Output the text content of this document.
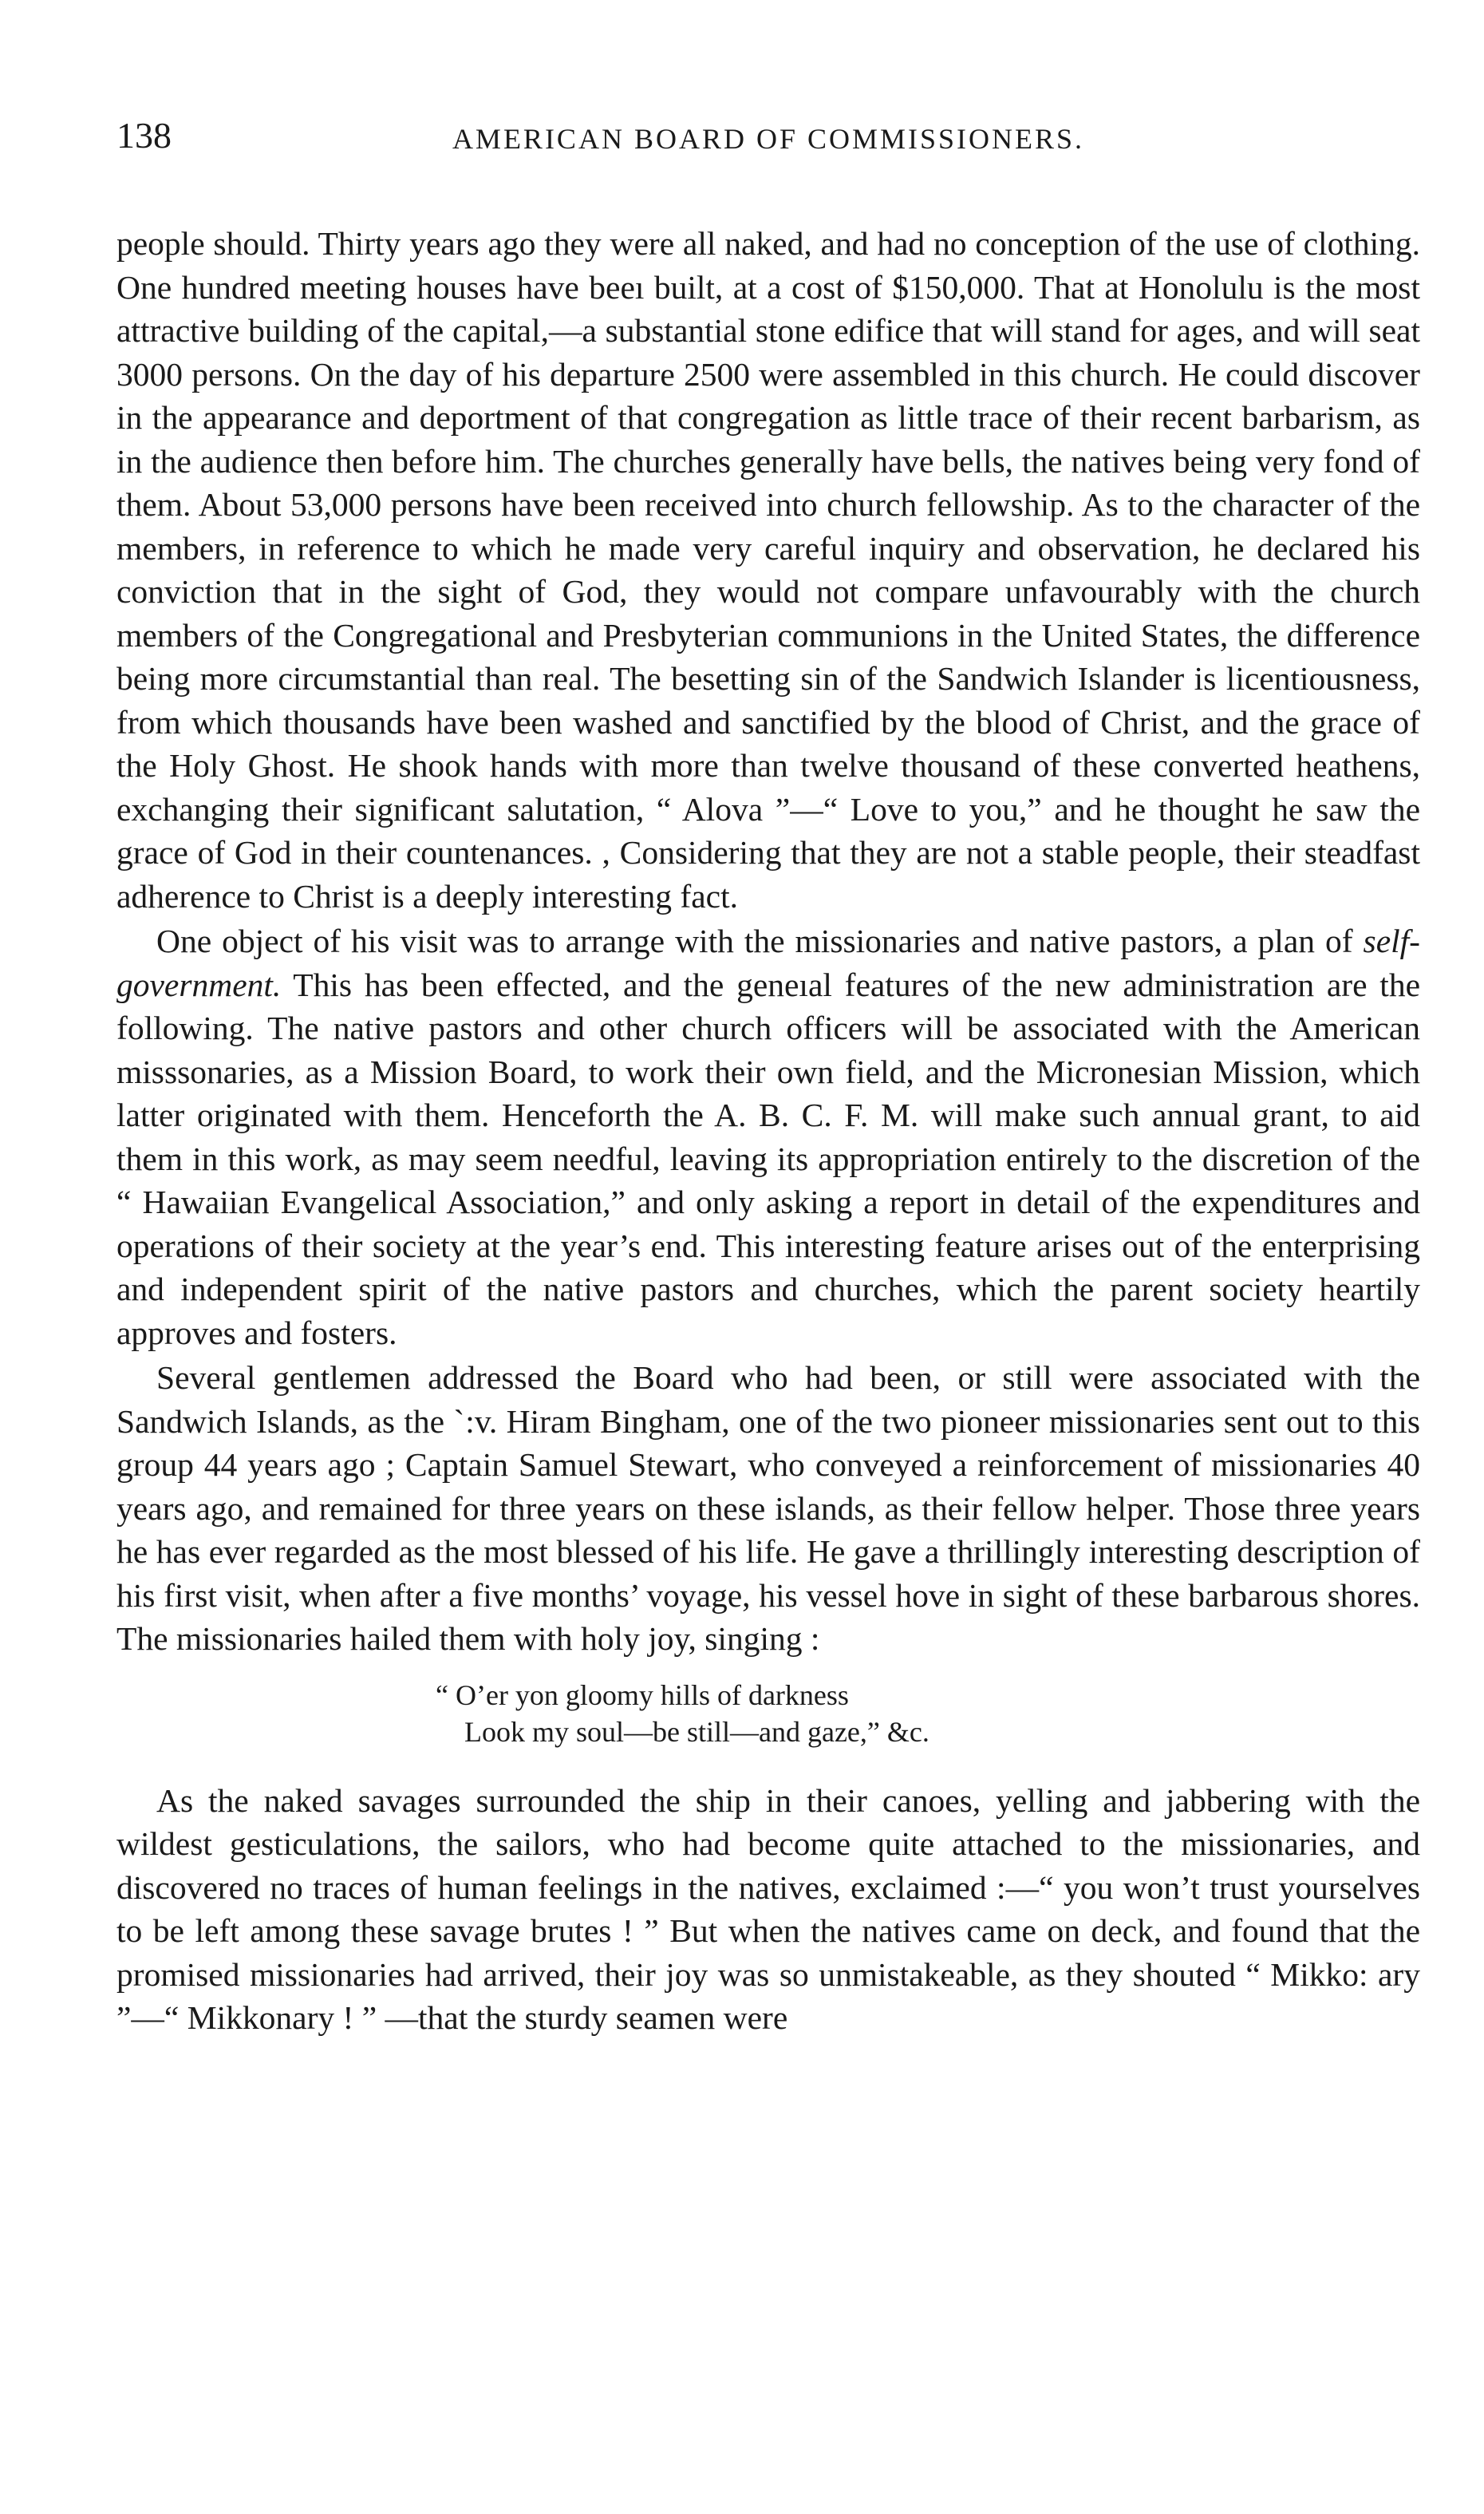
138	AMERICAN BOARD OF COMMISSIONERS.

people should. Thirty years ago they were all naked, and had no conception of the use of clothing. One hundred meeting houses have beeı built, at a cost of $150,000. That at Honolulu is the most attractive building of the capital,—a substantial stone edifice that will stand for ages, and will seat 3000 persons. On the day of his departure 2500 were assembled in this church. He could discover in the appearance and deportment of that congregation as little trace of their recent barbarism, as in the audience then before him. The churches generally have bells, the natives being very fond of them. About 53,000 persons have been received into church fellowship. As to the character of the members, in reference to which he made very careful inquiry and observation, he declared his conviction that in the sight of God, they would not compare unfavourably with the church members of the Congregational and Presbyterian communions in the United States, the difference being more circumstantial than real. The besetting sin of the Sandwich Islander is licentiousness, from which thousands have been washed and sanctified by the blood of Christ, and the grace of the Holy Ghost. He shook hands with more than twelve thousand of these converted heathens, exchanging their significant salutation, “ Alova ”—“ Love to you,” and he thought he saw the grace of God in their countenances. , Considering that they are not a stable people, their steadfast adherence to Christ is a deeply interesting fact.

One object of his visit was to arrange with the missionaries and native pastors, a plan of self-government. This has been effected, and the geneıal features of the new administration are the following. The native pastors and other church officers will be associated with the American misssonaries, as a Mission Board, to work their own field, and the Micronesian Mission, which latter originated with them. Henceforth the A. B. C. F. M. will make such annual grant, to aid them in this work, as may seem needful, leaving its appropriation entirely to the discretion of the “ Hawaiian Evangelical Association,” and only asking a report in detail of the expenditures and operations of their society at the year’s end. This interesting feature arises out of the enterprising and independent spirit of the native pastors and churches, which the parent society heartily approves and fosters.

Several gentlemen addressed the Board who had been, or still were associated with the Sandwich Islands, as the ˋ:v. Hiram Bingham, one of the two pioneer missionaries sent out to this group 44 years ago ; Captain Samuel Stewart, who conveyed a reinforcement of missionaries 40 years ago, and remained for three years on these islands, as their fellow helper. Those three years he has ever regarded as the most blessed of his life. He gave a thrillingly interesting description of his first visit, when after a five months’ voyage, his vessel hove in sight of these barbarous shores. The missionaries hailed them with holy joy, singing :

“ O’er yon gloomy hills of darkness
Look my soul—be still—and gaze,” &c.

As the naked savages surrounded the ship in their canoes, yelling and jabbering with the wildest gesticulations, the sailors, who had become quite attached to the missionaries, and discovered no traces of human feelings in the natives, exclaimed :—“ you won’t trust yourselves to be left among these savage brutes ! ” But when the natives came on deck, and found that the promised missionaries had arrived, their joy was so unmistakeable, as they shouted “ Mikko: ary ”—“ Mikkonary ! ” —that the sturdy seamen were
